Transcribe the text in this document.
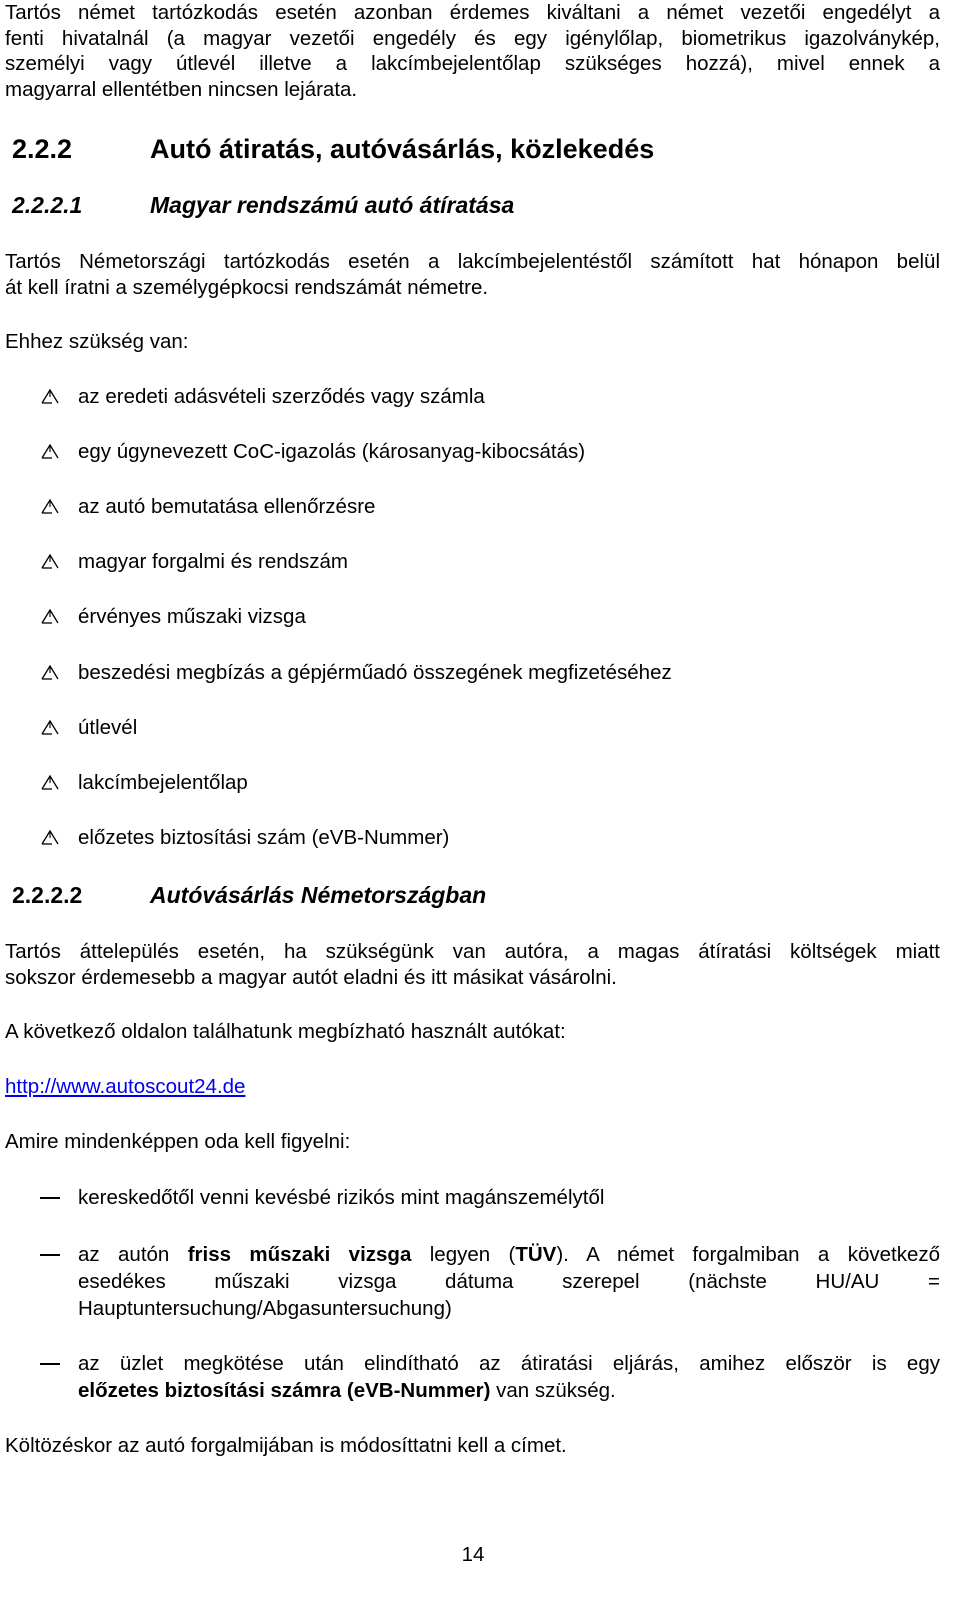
Tartós német tartózkodás esetén azonban érdemes kiváltani a német vezetői engedélyt a
fenti hivatalnál (a magyar vezetői engedély és egy igénylőlap, biometrikus igazolványkép,
személyi vagy útlevél illetve a lakcímbejelentőlap szükséges hozzá), mivel ennek a
magyarral ellentétben nincsen lejárata.
2.2.2	Autó átiratás, autóvásárlás, közlekedés
2.2.2.1	Magyar rendszámú autó átíratása
Tartós Németországi tartózkodás esetén a lakcímbejelentéstől számított hat hónapon belül
át kell íratni a személygépkocsi rendszámát németre.
Ehhez szükség van:
az eredeti adásvételi szerződés vagy számla
egy úgynevezett CoC-igazolás (károsanyag-kibocsátás)
az autó bemutatása ellenőrzésre
magyar forgalmi és rendszám
érvényes műszaki vizsga
beszedési megbízás a gépjérműadó összegének megfizetéséhez
útlevél
lakcímbejelentőlap
előzetes biztosítási szám (eVB-Nummer)
2.2.2.2	Autóvásárlás Németországban
Tartós áttelepülés esetén, ha szükségünk van autóra, a magas átíratási költségek miatt
sokszor érdemesebb a magyar autót eladni és itt másikat vásárolni.
A következő oldalon találhatunk megbízható használt autókat:
http://www.autoscout24.de
Amire mindenképpen oda kell figyelni:
kereskedőtől venni kevésbé rizikós mint magánszemélytől
az autón friss műszaki vizsga legyen (TÜV). A német forgalmiban a következő
esedékes műszaki vizsga dátuma szerepel (nächste HU/AU =
Hauptuntersuchung/Abgasuntersuchung)
az üzlet megkötése után elindítható az átiratási eljárás, amihez először is egy
előzetes biztosítási számra (eVB-Nummer) van szükség.
Költözéskor az autó forgalmijában is módosíttatni kell a címet.
14
